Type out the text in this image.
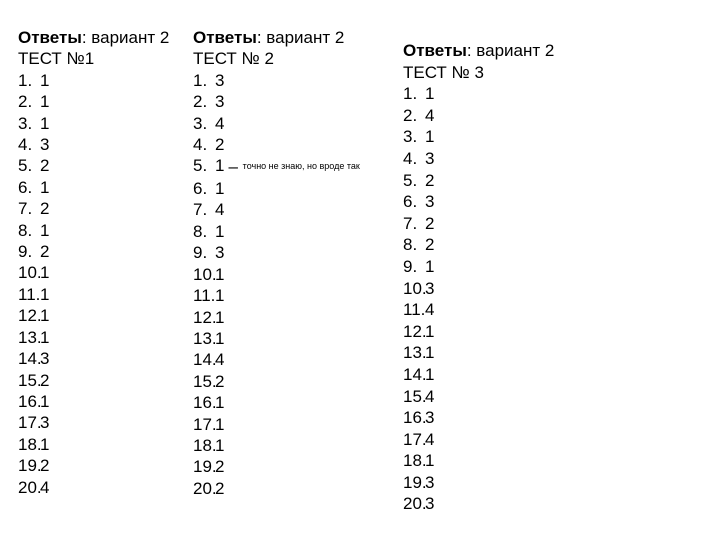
Ответы: вариант 2
ТЕСТ №1
1. 1
2. 1
3. 1
4. 3
5. 2
6. 1
7. 2
8. 1
9. 2
10.1
11.1
12.1
13.1
14.3
15.2
16.1
17.3
18.1
19.2
20.4
Ответы: вариант 2
ТЕСТ № 2
1. 3
2. 3
3. 4
4. 2
5. 1 – точно не знаю, но вроде так
6. 1
7. 4
8. 1
9. 3
10.1
11.1
12.1
13.1
14.4
15.2
16.1
17.1
18.1
19.2
20.2
Ответы: вариант 2
ТЕСТ № 3
1. 1
2. 4
3. 1
4. 3
5. 2
6. 3
7. 2
8. 2
9. 1
10.3
11.4
12.1
13.1
14.1
15.4
16.3
17.4
18.1
19.3
20.3
